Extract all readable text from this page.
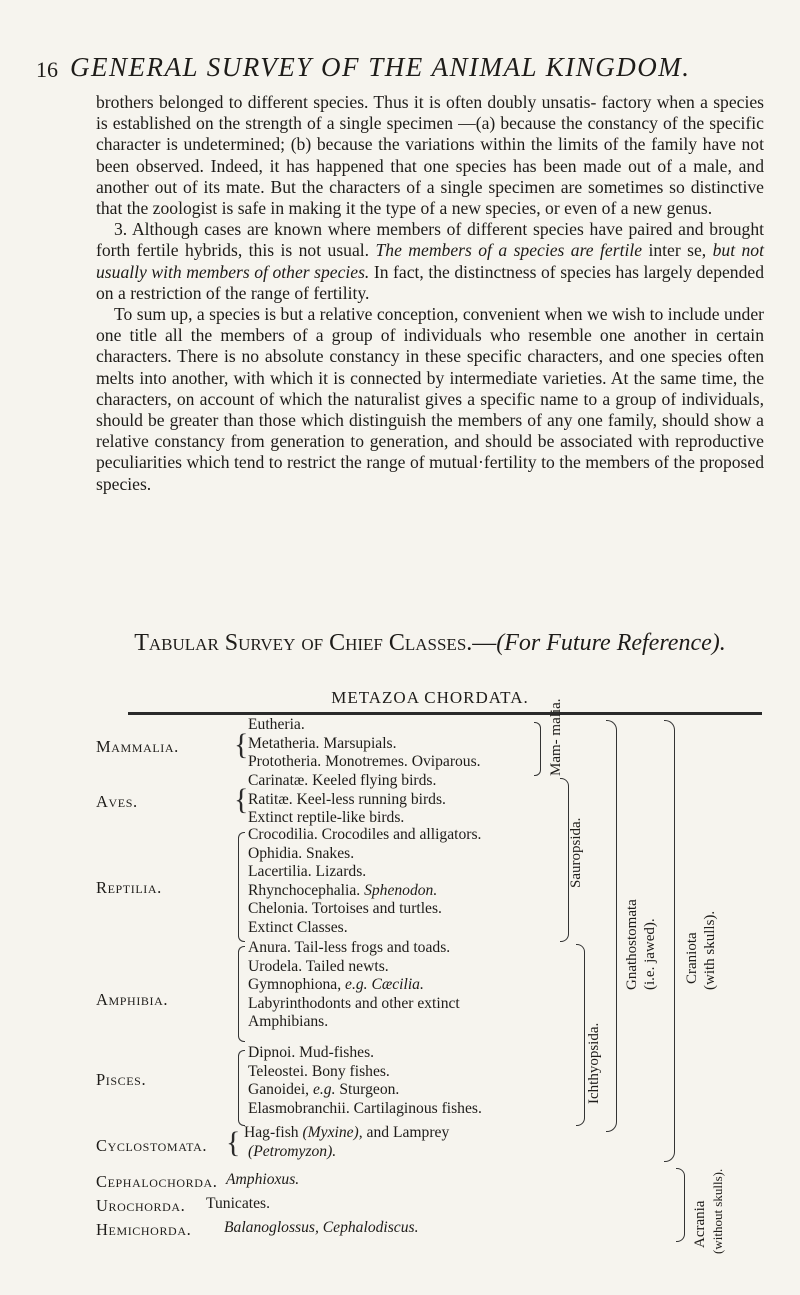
16 GENERAL SURVEY OF THE ANIMAL KINGDOM.

brothers belonged to different species. Thus it is often doubly unsatis- factory when a species is established on the strength of a single specimen —(a) because the constancy of the specific character is undetermined; (b) because the variations within the limits of the family have not been observed. Indeed, it has happened that one species has been made out of a male, and another out of its mate. But the characters of a single specimen are sometimes so distinctive that the zoologist is safe in making it the type of a new species, or even of a new genus.

3. Although cases are known where members of different species have paired and brought forth fertile hybrids, this is not usual. The members of a species are fertile inter se, but not usually with members of other species. In fact, the distinctness of species has largely depended on a restriction of the range of fertility.

To sum up, a species is but a relative conception, convenient when we wish to include under one title all the members of a group of individuals who resemble one another in certain characters. There is no absolute constancy in these specific characters, and one species often melts into another, with which it is connected by intermediate varieties. At the same time, the characters, on account of which the naturalist gives a specific name to a group of individuals, should be greater than those which distinguish the members of any one family, should show a relative constancy from generation to generation, and should be associated with reproductive peculiarities which tend to restrict the range of mutual·fertility to the members of the proposed species.

Tabular Survey of Chief Classes.—(For Future Reference).
METAZOA CHORDATA.
Mammalia. {
Eutheria.
Metatheria. Marsupials.
Prototheria. Monotremes. Oviparous.
Aves.	{
Carinatæ. Keeled flying birds.
Ratitæ. Keel-less running birds.
Extinct reptile-like birds.
Reptilia.
Crocodilia. Crocodiles and alligators.
Ophidia. Snakes.
Lacertilia. Lizards.
Rhynchocephalia. Sphenodon.
Chelonia. Tortoises and turtles.
Extinct Classes.
Amphibia.
Anura. Tail-less frogs and toads.
Urodela. Tailed newts.
Gymnophiona, e.g. Cæcilia.
Labyrinthodonts and other extinct
Amphibians.
Pisces.
Dipnoi. Mud-fishes.
Teleostei. Bony fishes.
Ganoidei, e.g. Sturgeon.
Elasmobranchii. Cartilaginous fishes.
Cyclostomata. { Hag-fish (Myxine), and Lamprey
(Petromyzon).
Cephalochorda. Amphioxus.
Urochorda. Tunicates.
Hemichorda. Balanoglossus, Cephalodiscus.
Mam- malia.
Sauropsida.
Ichthyopsida.
Gnathostomata (i.e. jawed). Craniota (with skulls).
Acrania (without skulls).
